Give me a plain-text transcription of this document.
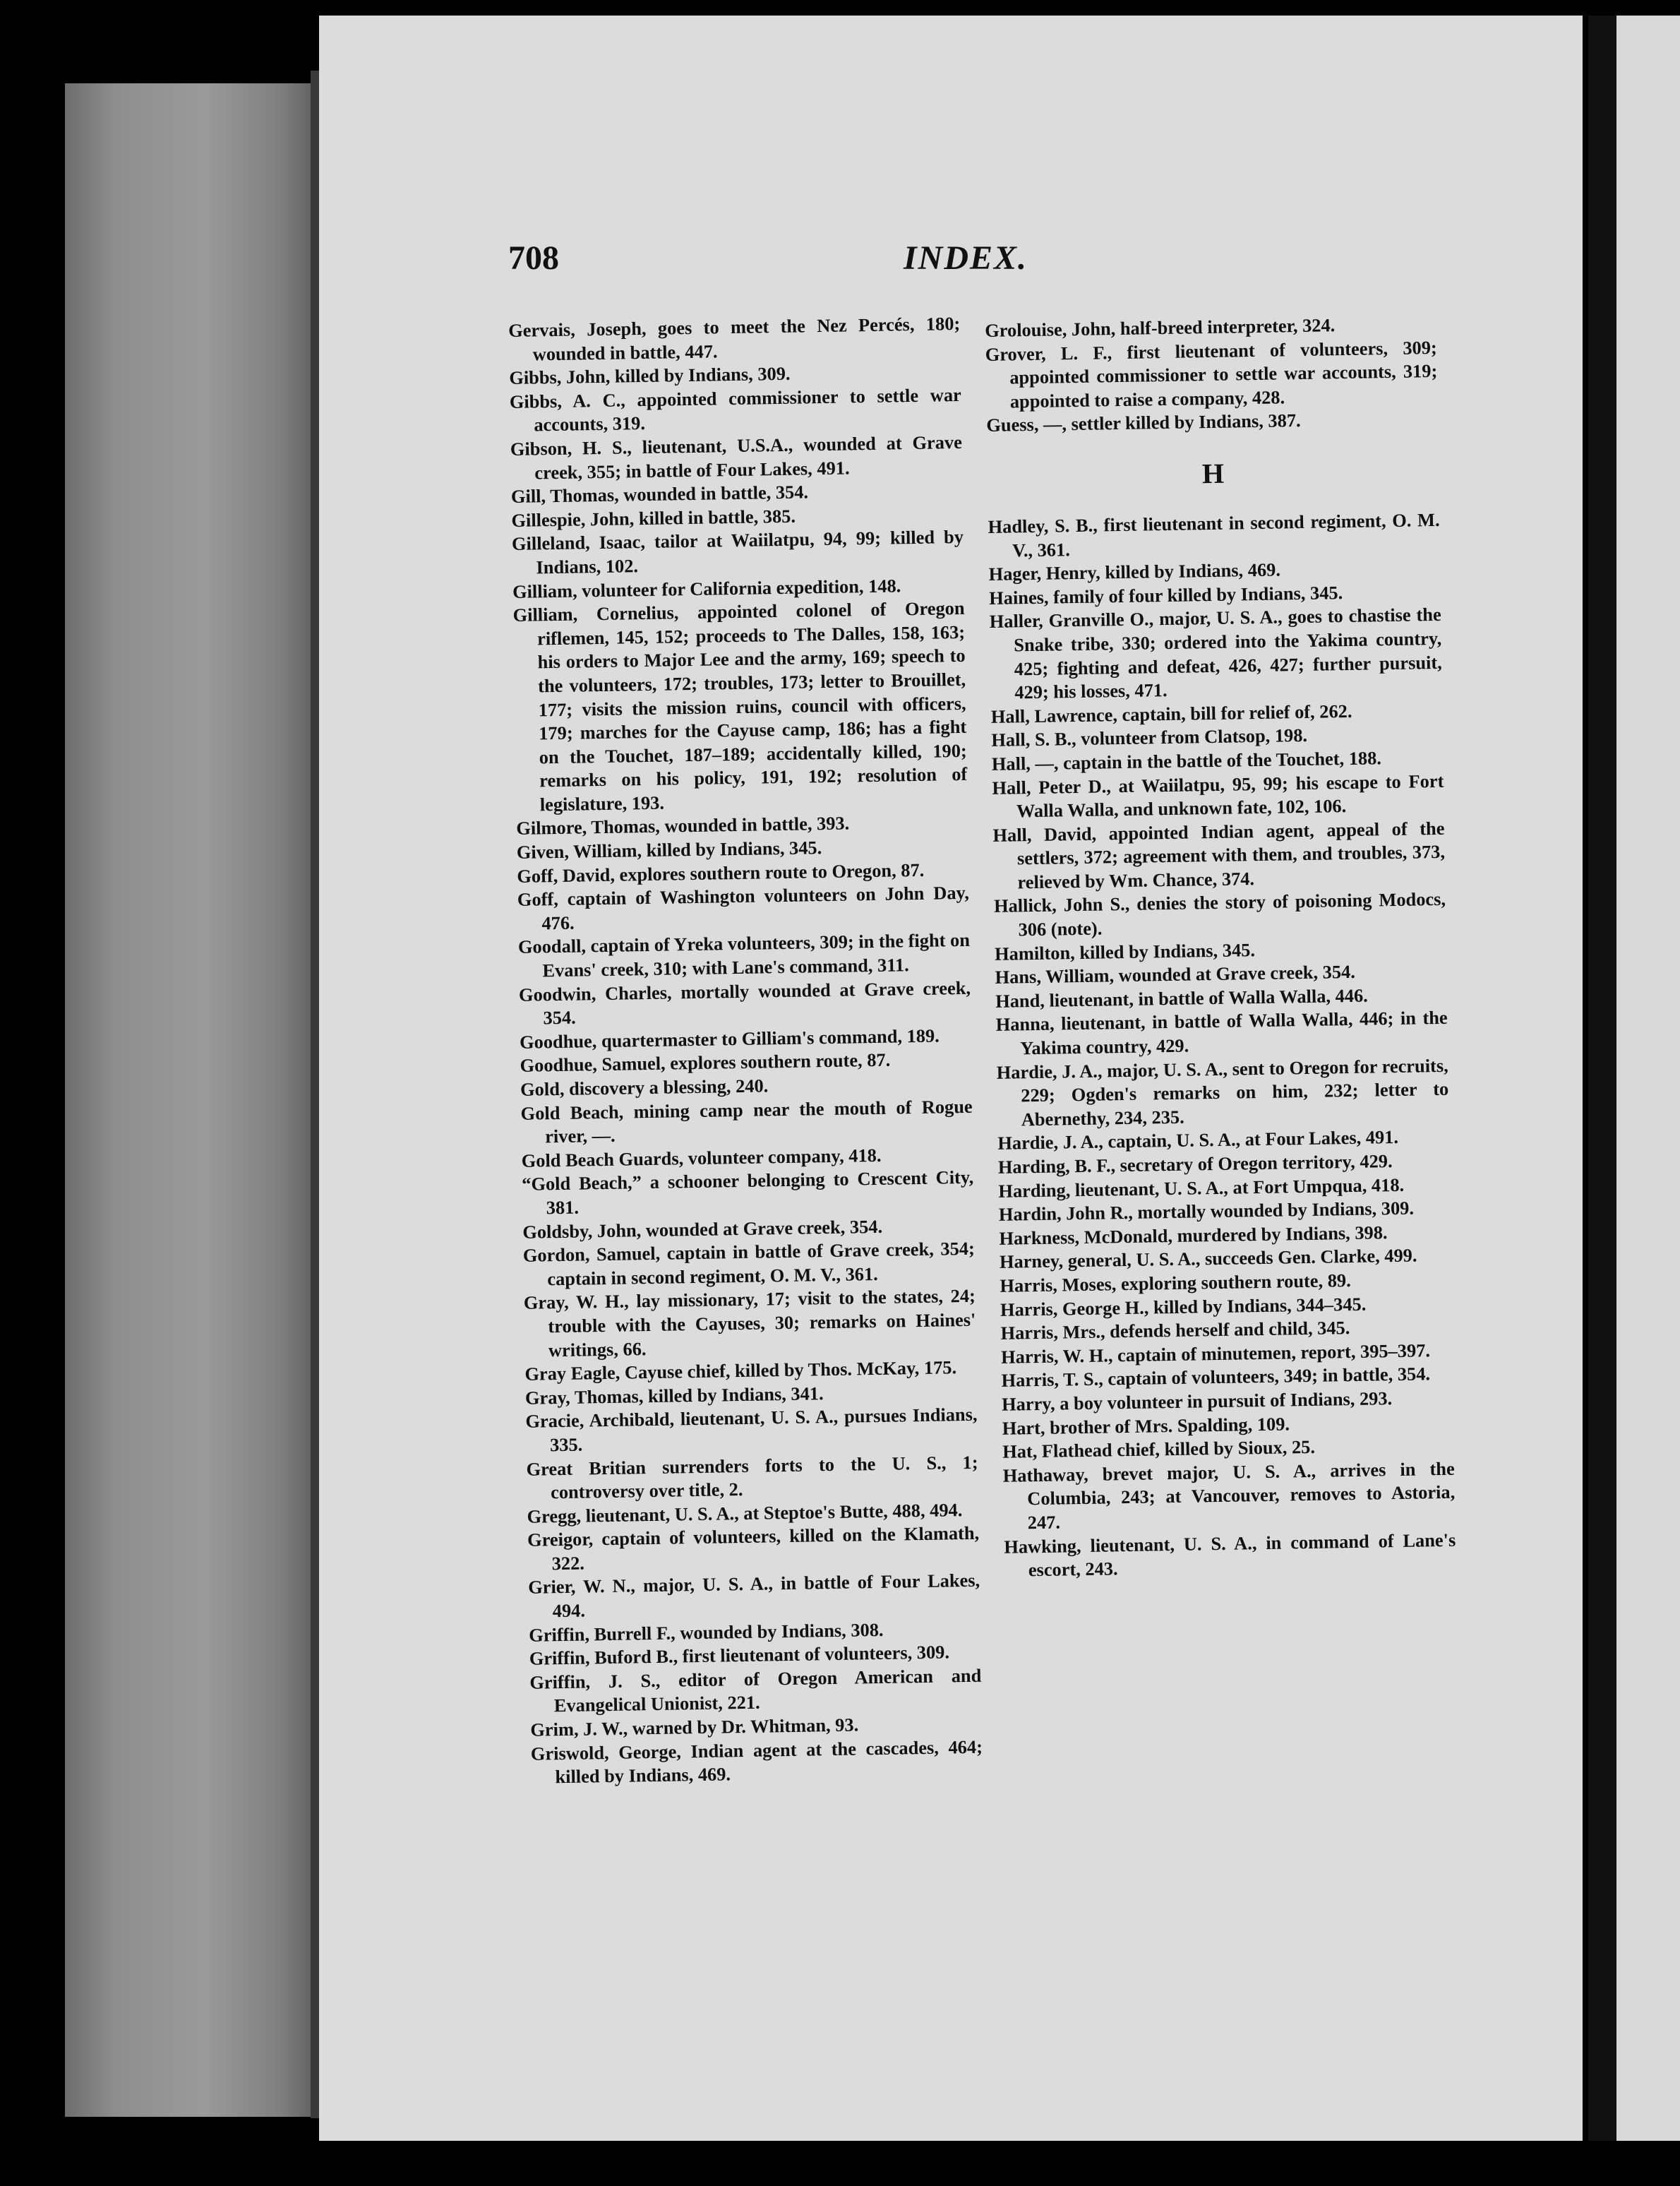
708	INDEX.

Gervais, Joseph, goes to meet the Nez Percés, 180; wounded in battle, 447.

Gibbs, John, killed by Indians, 309.

Gibbs, A. C., appointed commissioner to settle war accounts, 319.

Gibson, H. S., lieutenant, U.S.A., wounded at Grave creek, 355; in battle of Four Lakes, 491.

Gill, Thomas, wounded in battle, 354.

Gillespie, John, killed in battle, 385.

Gilleland, Isaac, tailor at Waiilatpu, 94, 99; killed by Indians, 102.

Gilliam, volunteer for California expedition, 148.

Gilliam, Cornelius, appointed colonel of Oregon riflemen, 145, 152; proceeds to The Dalles, 158, 163; his orders to Major Lee and the army, 169; speech to the volunteers, 172; troubles, 173; letter to Brouillet, 177; visits the mission ruins, council with officers, 179; marches for the Cayuse camp, 186; has a fight on the Touchet, 187–189; accidentally killed, 190; remarks on his policy, 191, 192; resolution of legislature, 193.

Gilmore, Thomas, wounded in battle, 393.

Given, William, killed by Indians, 345.

Goff, David, explores southern route to Oregon, 87.

Goff, captain of Washington volunteers on John Day, 476.

Goodall, captain of Yreka volunteers, 309; in the fight on Evans' creek, 310; with Lane's command, 311.

Goodwin, Charles, mortally wounded at Grave creek, 354.

Goodhue, quartermaster to Gilliam's command, 189.

Goodhue, Samuel, explores southern route, 87.

Gold, discovery a blessing, 240.

Gold Beach, mining camp near the mouth of Rogue river, —.

Gold Beach Guards, volunteer company, 418.

“Gold Beach,” a schooner belonging to Crescent City, 381.

Goldsby, John, wounded at Grave creek, 354.

Gordon, Samuel, captain in battle of Grave creek, 354; captain in second regiment, O. M. V., 361.

Gray, W. H., lay missionary, 17; visit to the states, 24; trouble with the Cayuses, 30; remarks on Haines' writings, 66.

Gray Eagle, Cayuse chief, killed by Thos. McKay, 175.

Gray, Thomas, killed by Indians, 341.

Gracie, Archibald, lieutenant, U. S. A., pursues Indians, 335.

Great Britian surrenders forts to the U. S., 1; controversy over title, 2.

Gregg, lieutenant, U. S. A., at Steptoe's Butte, 488, 494.

Greigor, captain of volunteers, killed on the Klamath, 322.

Grier, W. N., major, U. S. A., in battle of Four Lakes, 494.

Griffin, Burrell F., wounded by Indians, 308.

Griffin, Buford B., first lieutenant of volunteers, 309.

Griffin, J. S., editor of Oregon American and Evangelical Unionist, 221.

Grim, J. W., warned by Dr. Whitman, 93.

Griswold, George, Indian agent at the cascades, 464; killed by Indians, 469.

Grolouise, John, half-breed interpreter, 324.

Grover, L. F., first lieutenant of volunteers, 309; appointed commissioner to settle war accounts, 319; appointed to raise a company, 428.

Guess, —, settler killed by Indians, 387.

H

Hadley, S. B., first lieutenant in second regiment, O. M. V., 361.

Hager, Henry, killed by Indians, 469.

Haines, family of four killed by Indians, 345.

Haller, Granville O., major, U. S. A., goes to chastise the Snake tribe, 330; ordered into the Yakima country, 425; fighting and defeat, 426, 427; further pursuit, 429; his losses, 471.

Hall, Lawrence, captain, bill for relief of, 262.

Hall, S. B., volunteer from Clatsop, 198.

Hall, —, captain in the battle of the Touchet, 188.

Hall, Peter D., at Waiilatpu, 95, 99; his escape to Fort Walla Walla, and unknown fate, 102, 106.

Hall, David, appointed Indian agent, appeal of the settlers, 372; agreement with them, and troubles, 373, relieved by Wm. Chance, 374.

Hallick, John S., denies the story of poisoning Modocs, 306 (note).

Hamilton, killed by Indians, 345.

Hans, William, wounded at Grave creek, 354.

Hand, lieutenant, in battle of Walla Walla, 446.

Hanna, lieutenant, in battle of Walla Walla, 446; in the Yakima country, 429.

Hardie, J. A., major, U. S. A., sent to Oregon for recruits, 229; Ogden's remarks on him, 232; letter to Abernethy, 234, 235.

Hardie, J. A., captain, U. S. A., at Four Lakes, 491.

Harding, B. F., secretary of Oregon territory, 429.

Harding, lieutenant, U. S. A., at Fort Umpqua, 418.

Hardin, John R., mortally wounded by Indians, 309.

Harkness, McDonald, murdered by Indians, 398.

Harney, general, U. S. A., succeeds Gen. Clarke, 499.

Harris, Moses, exploring southern route, 89.

Harris, George H., killed by Indians, 344–345.

Harris, Mrs., defends herself and child, 345.

Harris, W. H., captain of minutemen, report, 395–397.

Harris, T. S., captain of volunteers, 349; in battle, 354.

Harry, a boy volunteer in pursuit of Indians, 293.

Hart, brother of Mrs. Spalding, 109.

Hat, Flathead chief, killed by Sioux, 25.

Hathaway, brevet major, U. S. A., arrives in the Columbia, 243; at Vancouver, removes to Astoria, 247.

Hawking, lieutenant, U. S. A., in command of Lane's escort, 243.
